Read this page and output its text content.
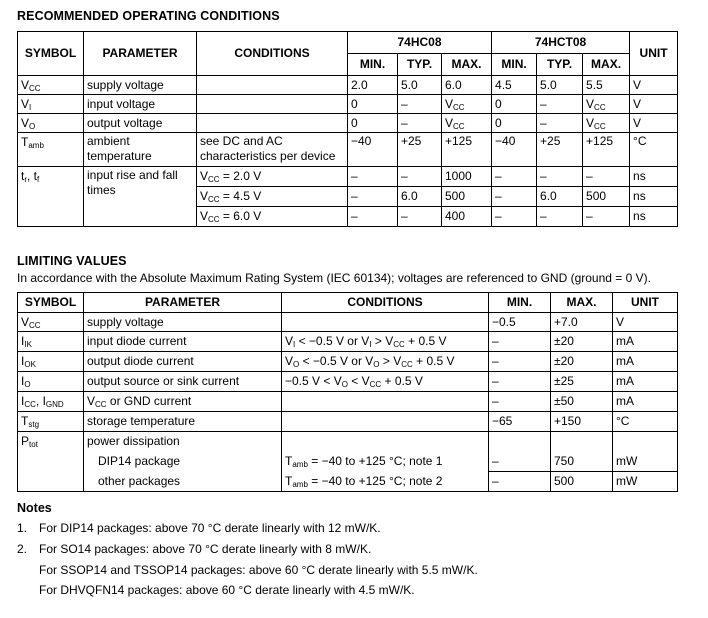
RECOMMENDED OPERATING CONDITIONS
SYMBOL	PARAMETER	CONDITIONS	74HC08			74HCT08			UNIT
			MIN.	TYP.	MAX.	MIN.	TYP.	MAX.	
$V_{CC}$	supply voltage		2.0	5.0	6.0	4.5	5.0	5.5	V
$V_I$	input voltage		0	–	$V_{CC}$	0	–	$V_{CC}$	V
$V_O$	output voltage		0	–	$V_{CC}$	0	–	$V_{CC}$	V
$T_{amb}$	ambient temperature	see DC and AC characteristics per device	−40	+25	+125	−40	+25	+125	°C
$t_r$, $t_f$	input rise and fall times	$V_{CC} = 2.0$ V	–	–	1000	–	–	–	ns
		$V_{CC} = 4.5$ V	–	6.0	500	–	6.0	500	ns
		$V_{CC} = 6.0$ V	–	–	400	–	–	–	ns
LIMITING VALUES
In accordance with the Absolute Maximum Rating System (IEC 60134); voltages are referenced to GND (ground = 0 V).
SYMBOL	PARAMETER	CONDITIONS	MIN.	MAX.	UNIT
$V_{CC}$	supply voltage		−0.5	+7.0	V
$I_{IK}$	input diode current	$V_I < -0.5$ V or $V_I > V_{CC} + 0.5$ V	–	±20	mA
$I_{OK}$	output diode current	$V_O < -0.5$ V or $V_O > V_{CC} + 0.5$ V	–	±20	mA
$I_O$	output source or sink current	−0.5 $V < V_O < V_{CC} + 0.5$ V	–	±25	mA
$I_{CC}$, $I_{GND}$	$V_{CC}$ or GND current		–	±50	mA
$T_{stg}$	storage temperature		−65	+150	°C
$P_{tot}$	power dissipation				
	DIP14 package	$T_{amb} = -40$ to +125 °C; note 1	–	750	mW
	other packages	$T_{amb} = -40$ to +125 °C; note 2	–	500	mW
Notes
1. For DIP14 packages: above 70 °C derate linearly with 12 mW/K.
2. For SO14 packages: above 70 °C derate linearly with 8 mW/K.
For SSOP14 and TSSOP14 packages: above 60 °C derate linearly with 5.5 mW/K.
For DHVQFN14 packages: above 60 °C derate linearly with 4.5 mW/K.
